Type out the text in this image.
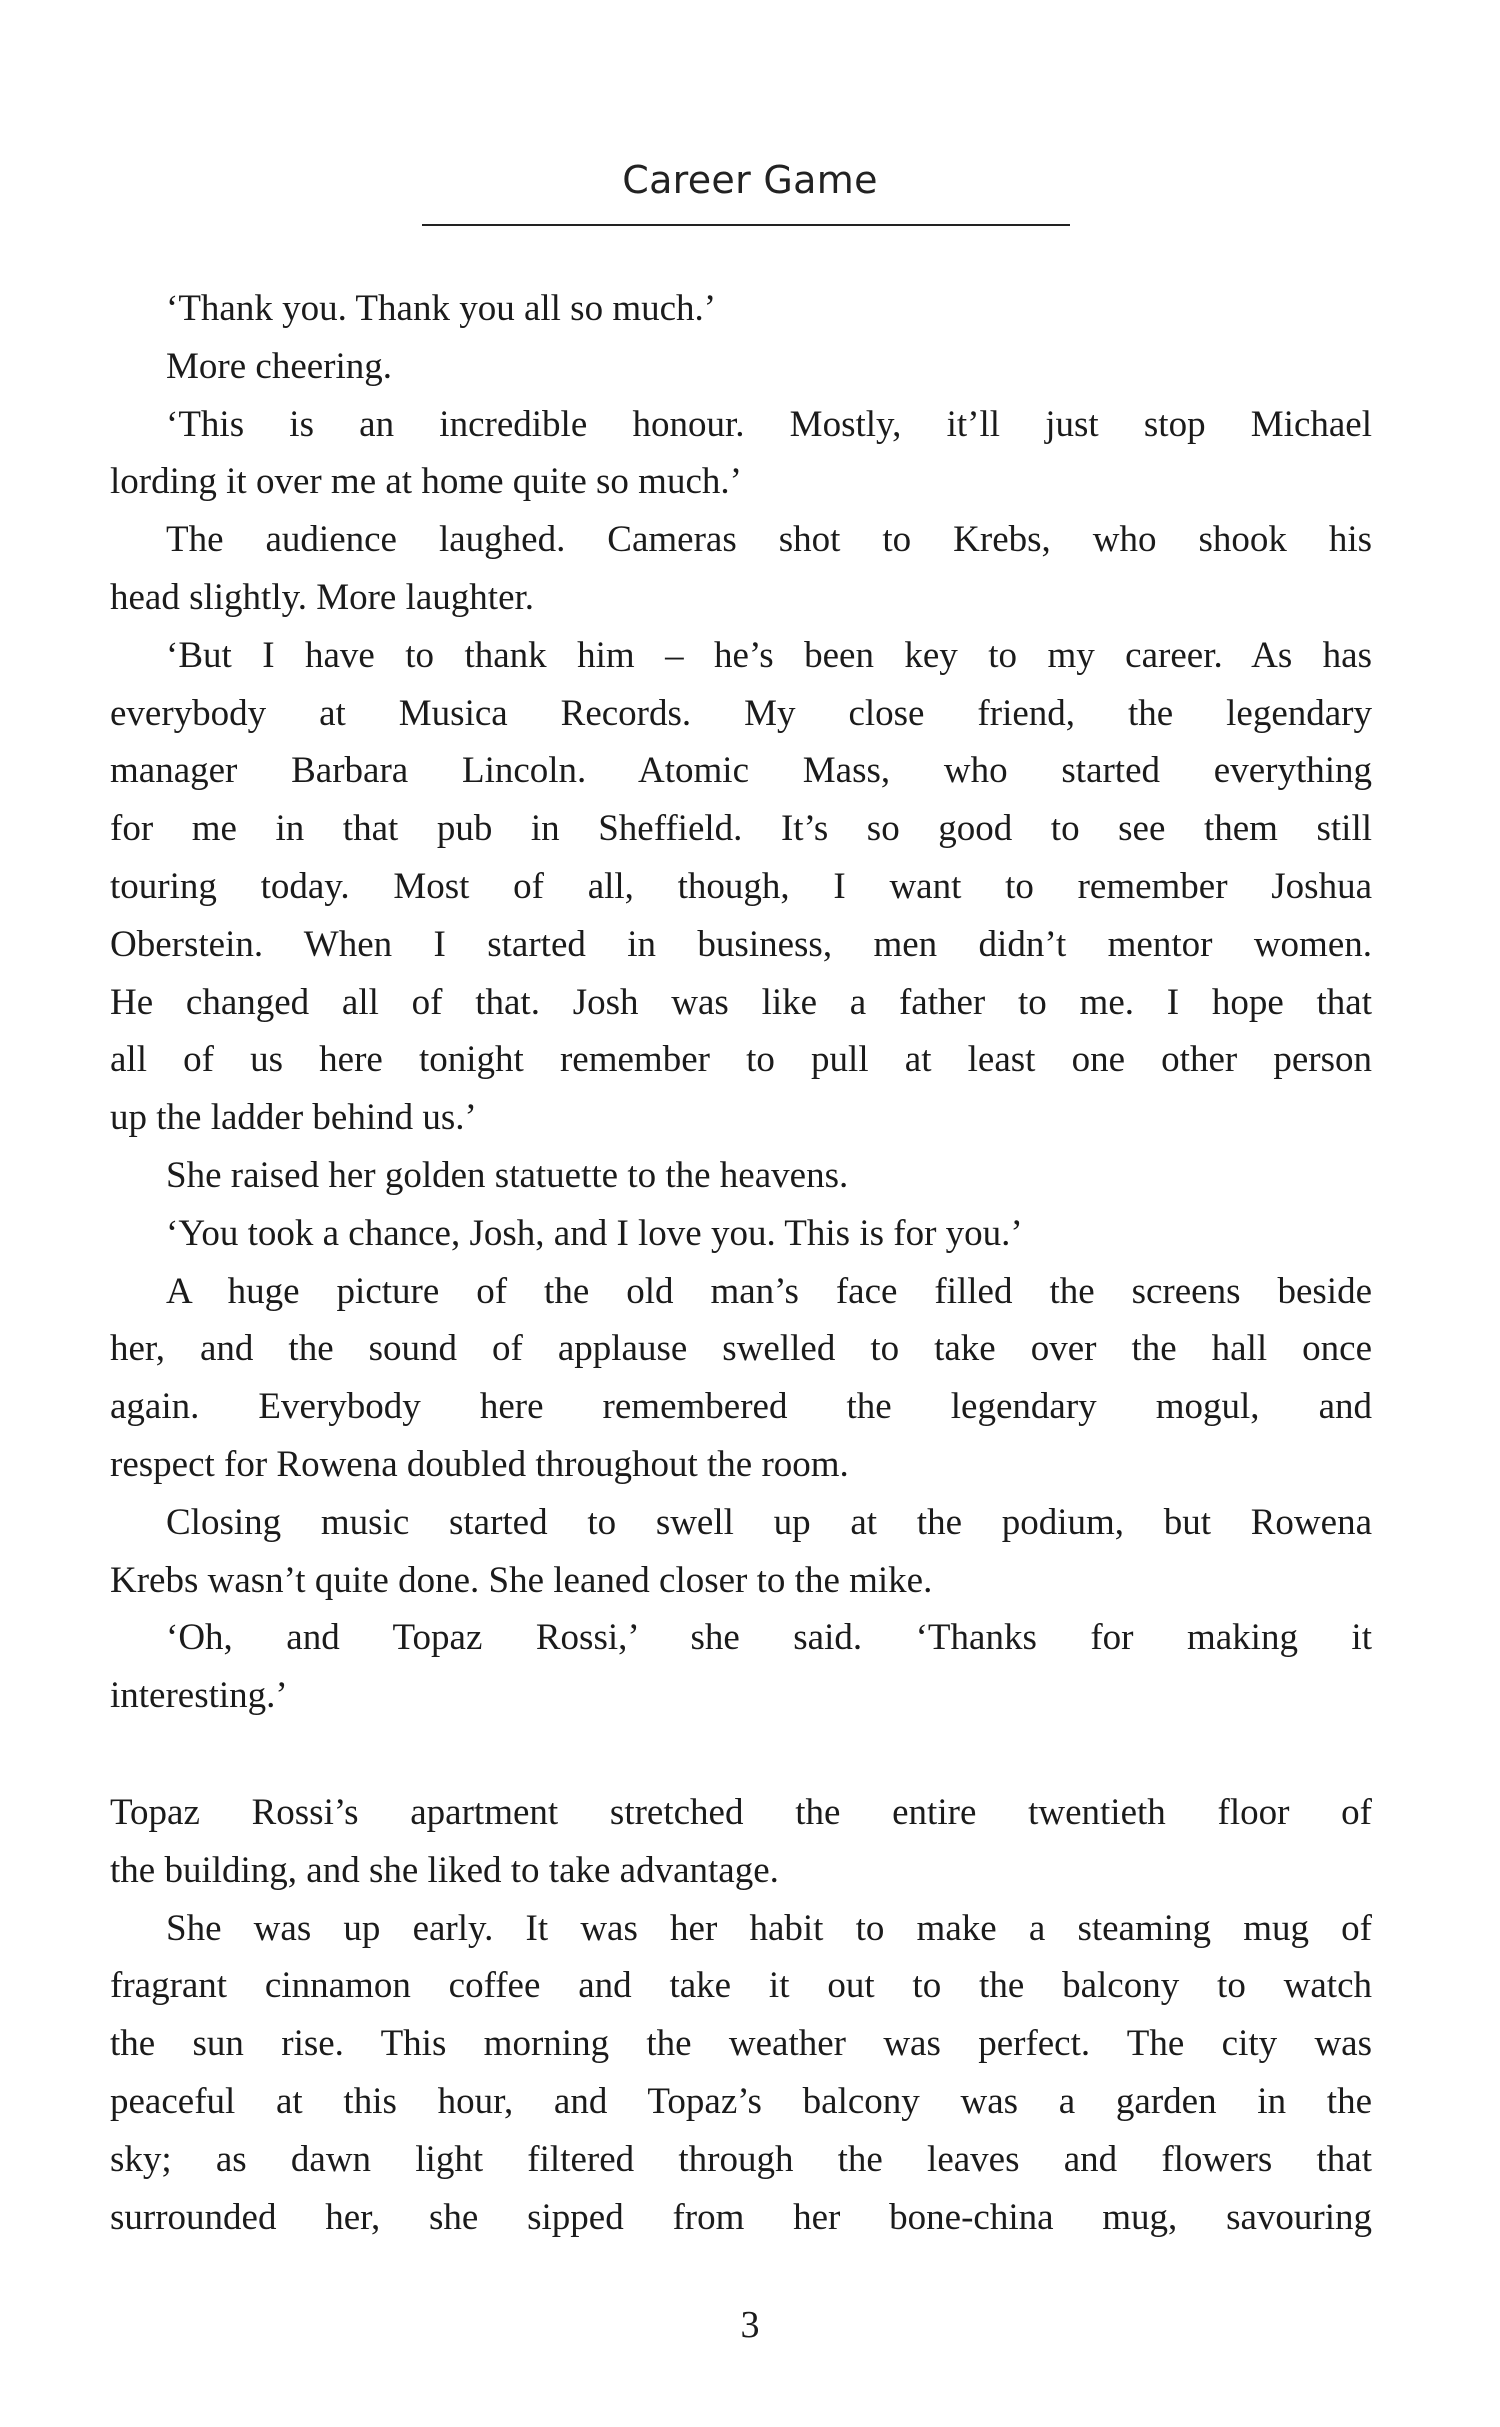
Career Game
‘Thank you. Thank you all so much.’
More cheering.
‘This is an incredible honour. Mostly, it’ll just stop Michael
lording it over me at home quite so much.’
The audience laughed. Cameras shot to Krebs, who shook his
head slightly. More laughter.
‘But I have to thank him – he’s been key to my career. As has
everybody at Musica Records. My close friend, the legendary
manager Barbara Lincoln. Atomic Mass, who started everything
for me in that pub in Sheffield. It’s so good to see them still
touring today. Most of all, though, I want to remember Joshua
Oberstein. When I started in business, men didn’t mentor women.
He changed all of that. Josh was like a father to me. I hope that
all of us here tonight remember to pull at least one other person
up the ladder behind us.’
She raised her golden statuette to the heavens.
‘You took a chance, Josh, and I love you. This is for you.’
A huge picture of the old man’s face filled the screens beside
her, and the sound of applause swelled to take over the hall once
again. Everybody here remembered the legendary mogul, and
respect for Rowena doubled throughout the room.
Closing music started to swell up at the podium, but Rowena
Krebs wasn’t quite done. She leaned closer to the mike.
‘Oh, and Topaz Rossi,’ she said. ‘Thanks for making it
interesting.’
Topaz Rossi’s apartment stretched the entire twentieth floor of
the building, and she liked to take advantage.
She was up early. It was her habit to make a steaming mug of
fragrant cinnamon coffee and take it out to the balcony to watch
the sun rise. This morning the weather was perfect. The city was
peaceful at this hour, and Topaz’s balcony was a garden in the
sky; as dawn light filtered through the leaves and flowers that
surrounded her, she sipped from her bone-china mug, savouring
3
